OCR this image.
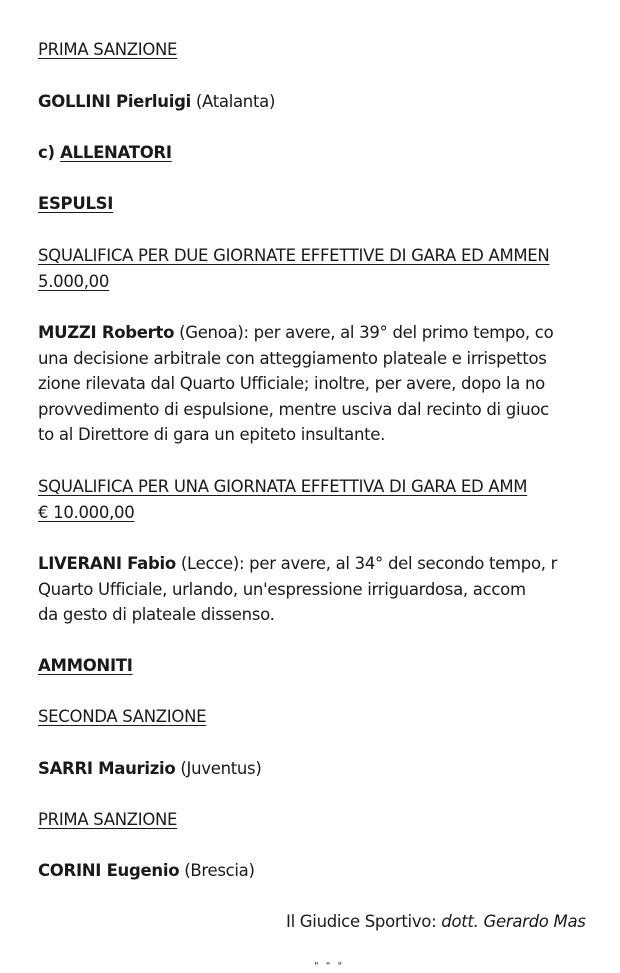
PRIMA SANZIONE
GOLLINI Pierluigi (Atalanta)
c) ALLENATORI
ESPULSI
SQUALIFICA PER DUE GIORNATE EFFETTIVE DI GARA ED AMMEN
5.000,00
MUZZI Roberto (Genoa): per avere, al 39° del primo tempo, co
una decisione arbitrale con atteggiamento plateale e irrispettos
zione rilevata dal Quarto Ufficiale; inoltre, per avere, dopo la no
provvedimento di espulsione, mentre usciva dal recinto di giuoc
to al Direttore di gara un epiteto insultante.
SQUALIFICA PER UNA GIORNATA EFFETTIVA DI GARA ED AMM
€ 10.000,00
LIVERANI Fabio (Lecce): per avere, al 34° del secondo tempo, r
Quarto Ufficiale, urlando, un'espressione irriguardosa, accom
da gesto di plateale dissenso.
AMMONITI
SECONDA SANZIONE
SARRI Maurizio (Juventus)
PRIMA SANZIONE
CORINI Eugenio (Brescia)
Il Giudice Sportivo: dott. Gerardo Mas
" " "
